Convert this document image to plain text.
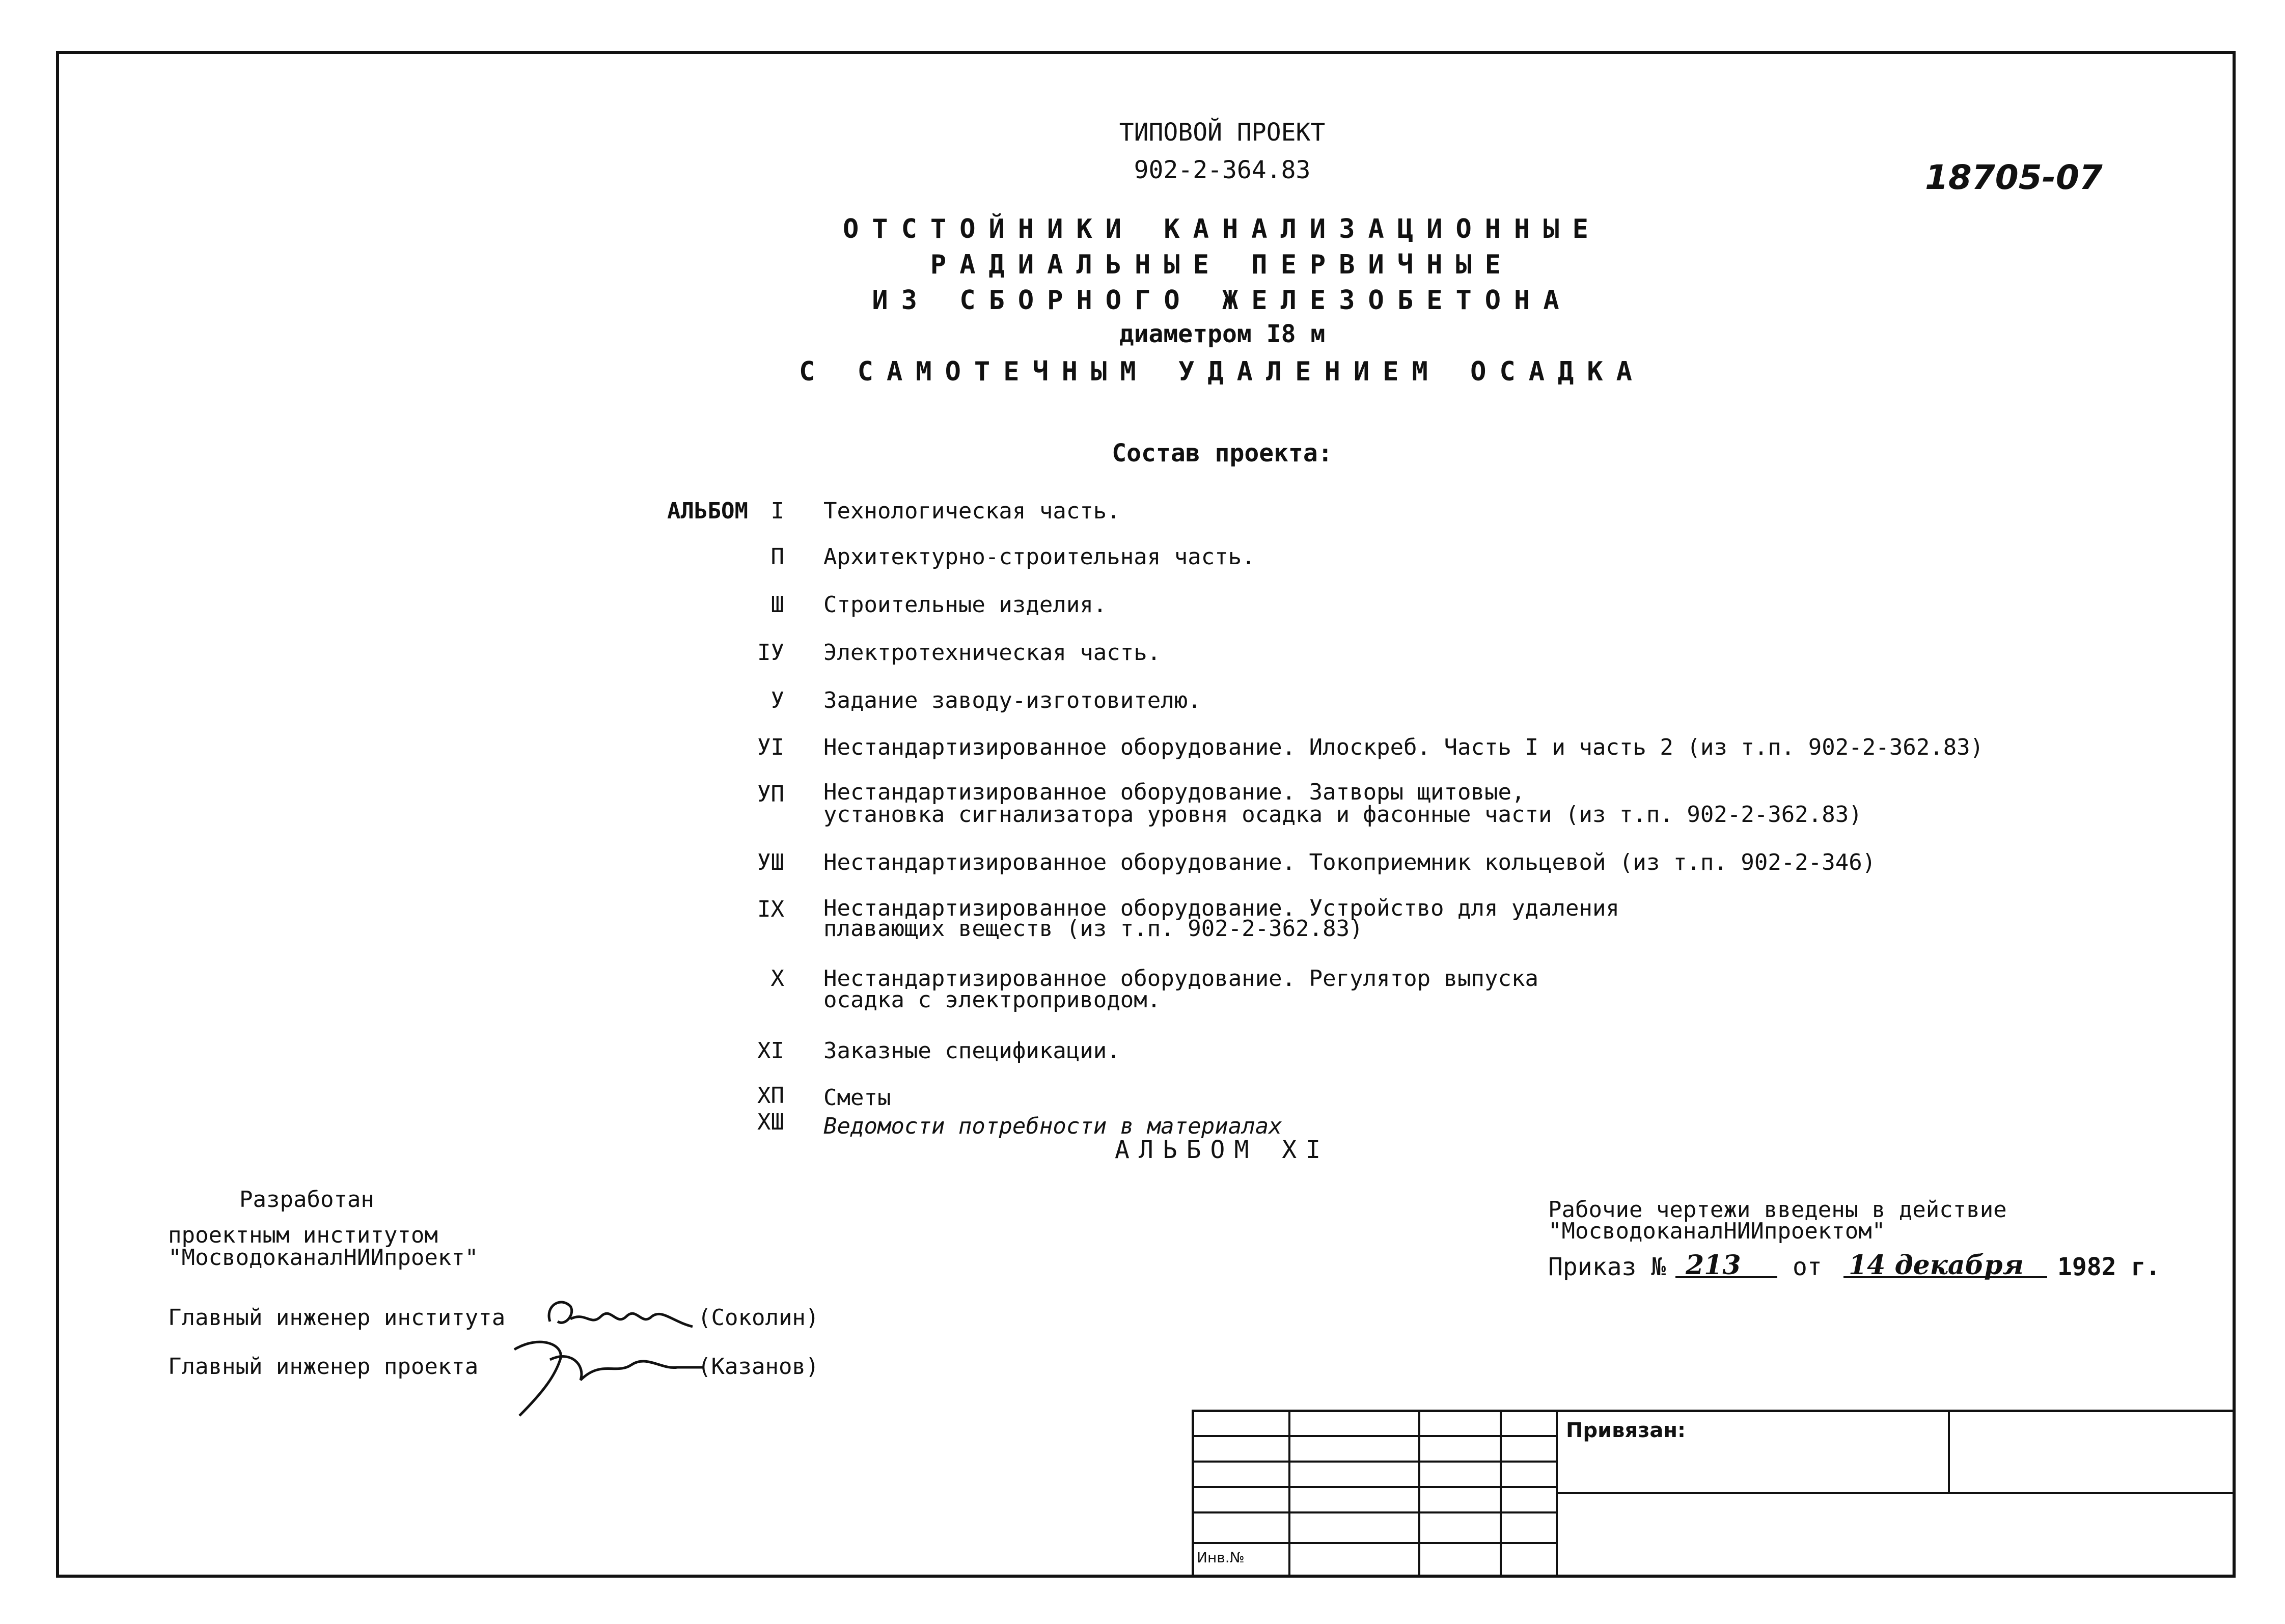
ТИПОВОЙ ПРОЕКТ
902-2-364.83	18705-07
ОТСТОЙНИКИ КАНАЛИЗАЦИОННЫЕ
РАДИАЛЬНЫЕ ПЕРВИЧНЫЕ
ИЗ СБОРНОГО ЖЕЛЕЗОБЕТОНА
диаметром I8 м
С САМОТЕЧНЫМ УДАЛЕНИЕМ ОСАДКА
Состав проекта:
АЛЬБОМ	I Технологическая часть.
П Архитектурно-строительная часть.
Ш Строительные изделия.
IУ Электротехническая часть.
У Задание заводу-изготовителю.
УI Нестандартизированное оборудование. Илоскреб. Часть I и часть 2 (из т.п. 902-2-362.83)
УП Нестандартизированное оборудование. Затворы щитовые,
установка сигнализатора уровня осадка и фасонные части (из т.п. 902-2-362.83)
УШ Нестандартизированное оборудование. Токоприемник кольцевой (из т.п. 902-2-346)
IX Нестандартизированное оборудование. Устройство для удаления
плавающих веществ (из т.п. 902-2-362.83)
X Нестандартизированное оборудование. Регулятор выпуска
осадка с электроприводом.
XI Заказные спецификации.
XП Сметы
XШ Ведомости потребности в материалах
АЛЬБОМ XI
Разработан
проектным институтом
"МосводоканалНИИпроект"
Главный инженер института	(Соколин)
Главный инженер проекта	(Казанов)
Рабочие чертежи введены в действие
"МосводоканалНИИпроектом"
Приказ № 213	от 14 декабря	1982 г.
Привязан:
Инв.№
